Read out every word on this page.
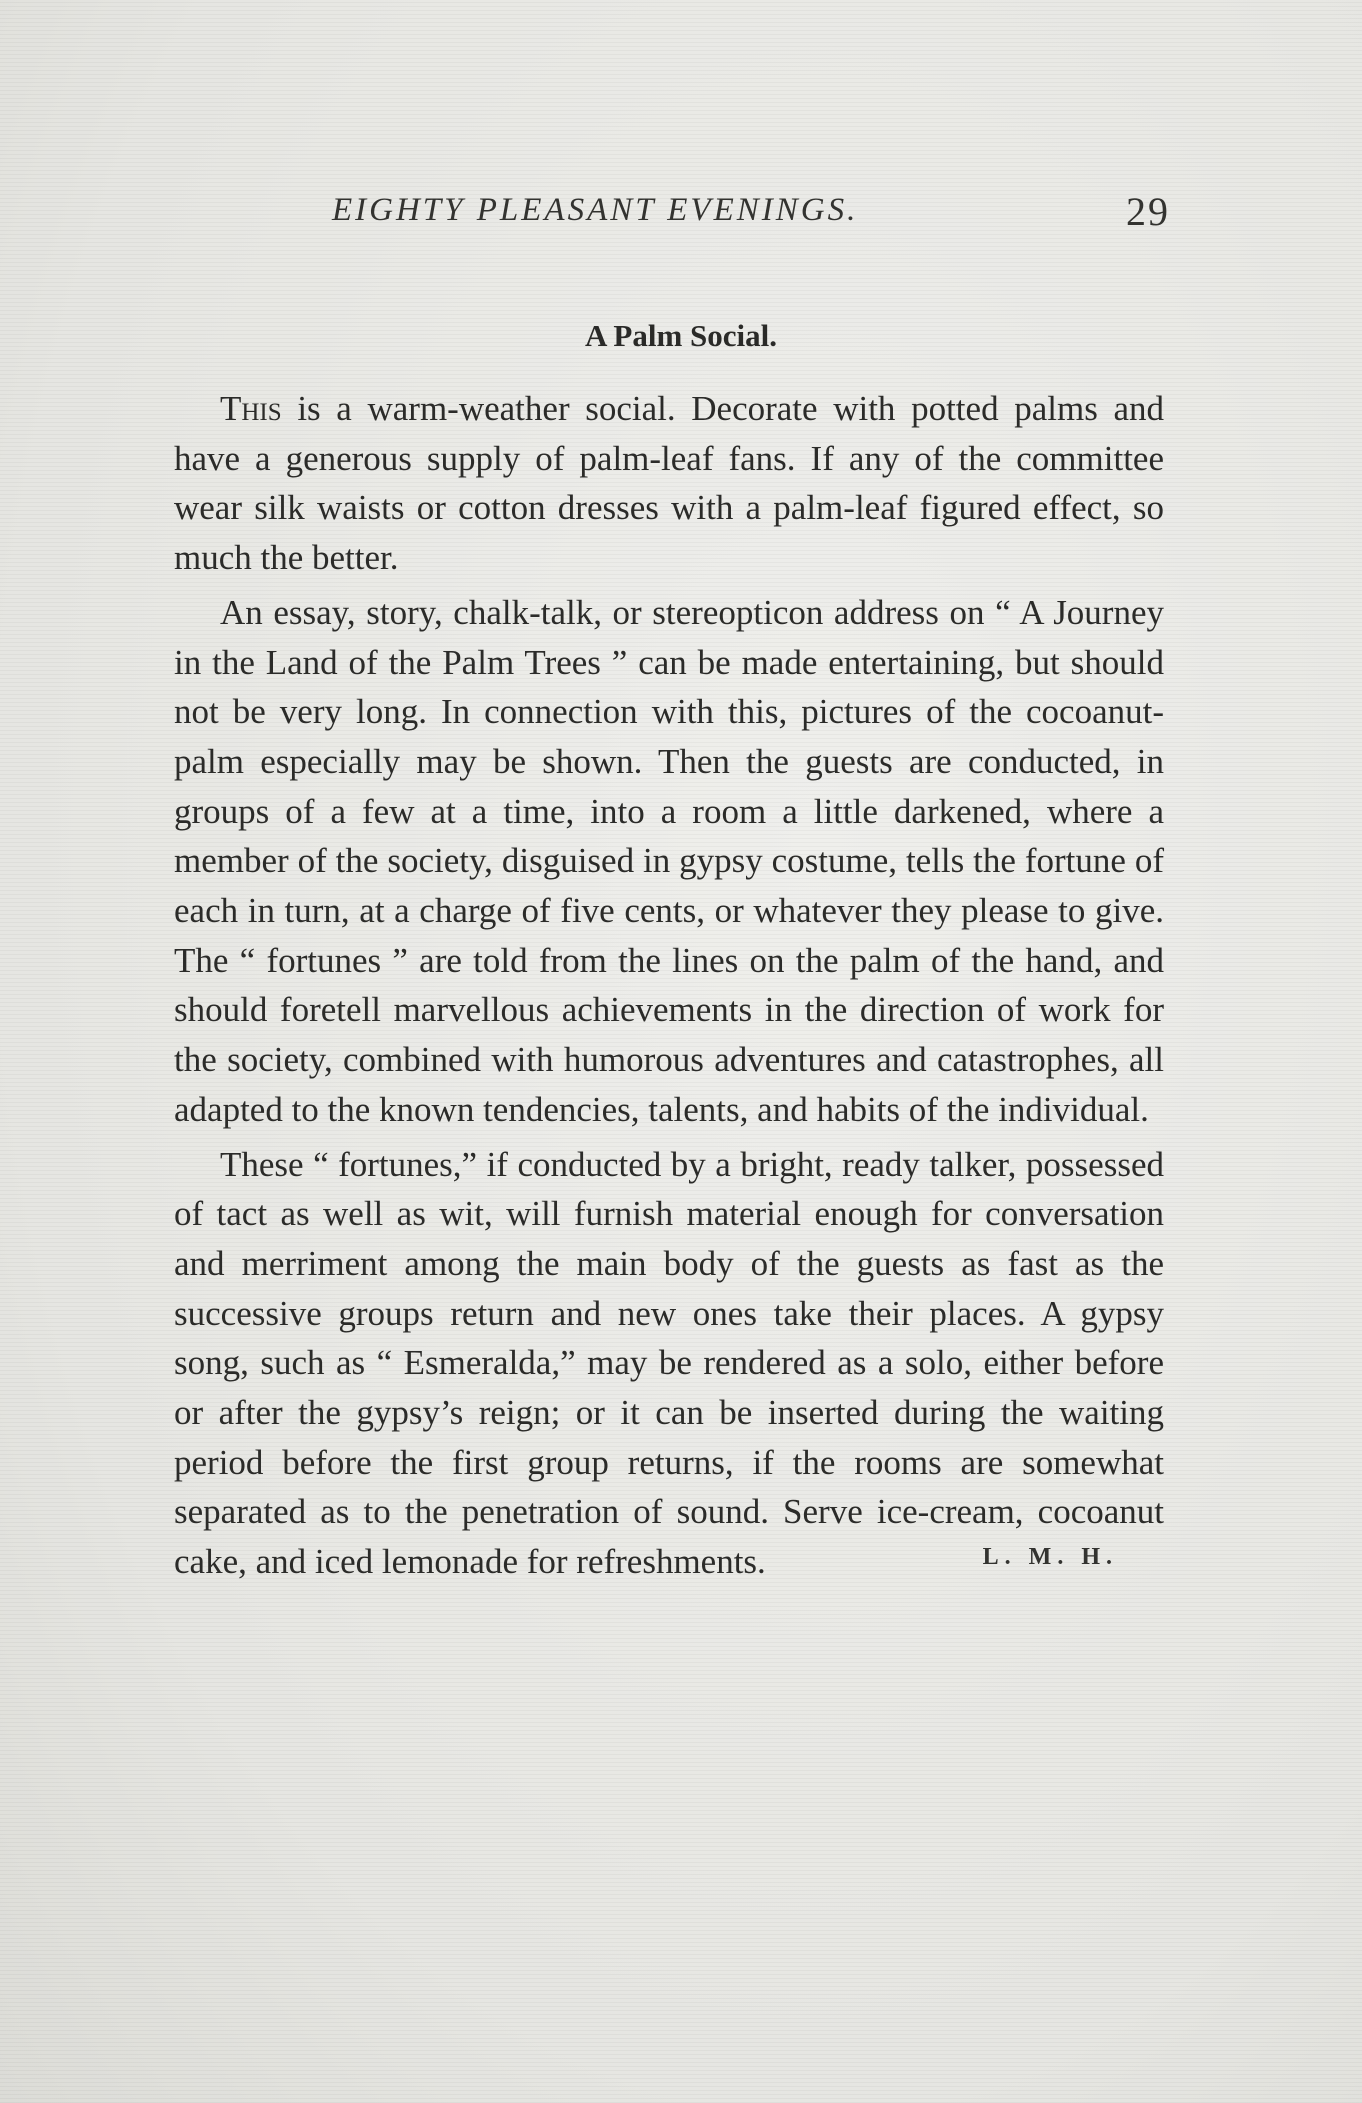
EIGHTY PLEASANT EVENINGS.	29
A Palm Social.

This is a warm-weather social. Decorate with potted palms and have a generous supply of palm-leaf fans. If any of the committee wear silk waists or cotton dresses with a palm-leaf figured effect, so much the better.

An essay, story, chalk-talk, or stereopticon address on “ A Journey in the Land of the Palm Trees ” can be made entertaining, but should not be very long. In connection with this, pictures of the cocoanut-palm especially may be shown. Then the guests are conducted, in groups of a few at a time, into a room a little darkened, where a member of the society, disguised in gypsy costume, tells the fortune of each in turn, at a charge of five cents, or whatever they please to give. The “ fortunes ” are told from the lines on the palm of the hand, and should foretell marvellous achievements in the direction of work for the society, combined with humorous adventures and catastrophes, all adapted to the known tendencies, talents, and habits of the individual.

These “ fortunes,” if conducted by a bright, ready talker, possessed of tact as well as wit, will furnish material enough for conversation and merriment among the main body of the guests as fast as the successive groups return and new ones take their places. A gypsy song, such as “ Esmeralda,” may be rendered as a solo, either before or after the gypsy’s reign; or it can be inserted during the waiting period before the first group returns, if the rooms are somewhat separated as to the penetration of sound. Serve ice-cream, cocoanut cake, and iced lemonade for refreshments.	L. M. H.
